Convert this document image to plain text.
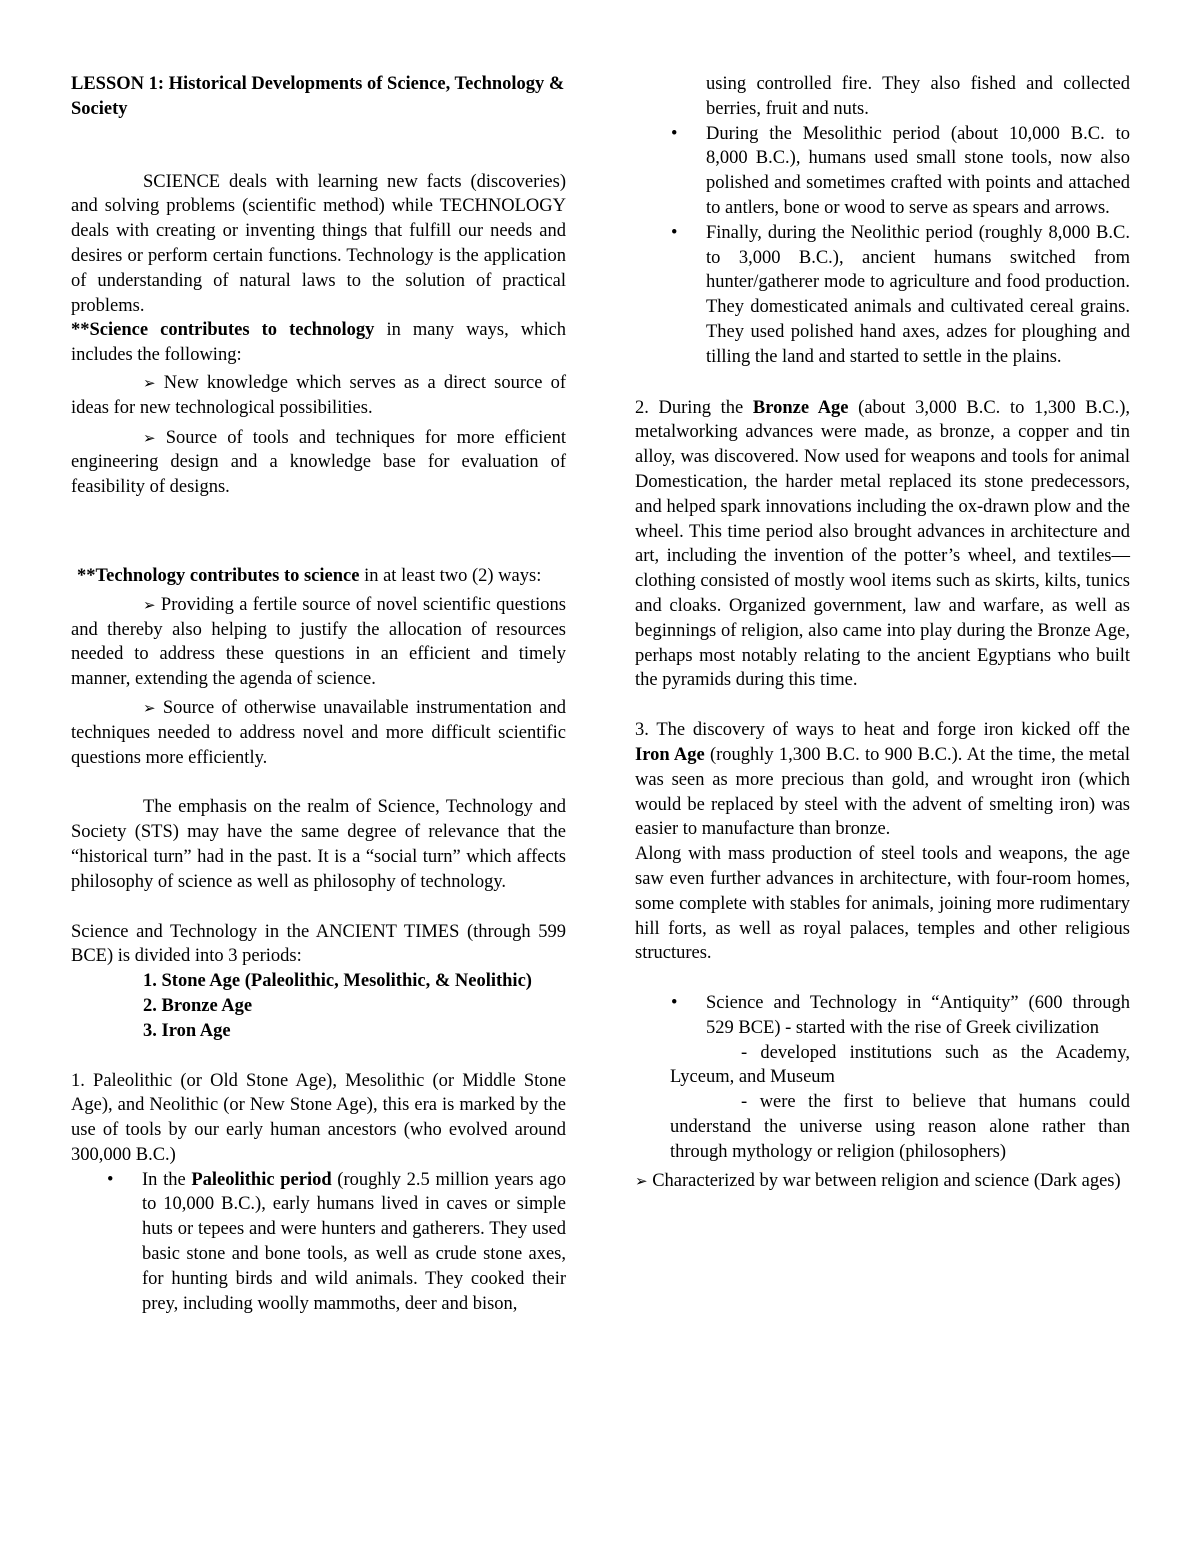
LESSON 1: Historical Developments of Science, Technology & Society

SCIENCE deals with learning new facts (discoveries) and solving problems (scientific method) while TECHNOLOGY deals with creating or inventing things that fulfill our needs and desires or perform certain functions. Technology is the application of understanding of natural laws to the solution of practical problems.

**Science contributes to technology in many ways, which includes the following:

➢ New knowledge which serves as a direct source of ideas for new technological possibilities.

➢ Source of tools and techniques for more efficient engineering design and a knowledge base for evaluation of feasibility of designs.

**Technology contributes to science in at least two (2) ways:

➢ Providing a fertile source of novel scientific questions and thereby also helping to justify the allocation of resources needed to address these questions in an efficient and timely manner, extending the agenda of science.

➢ Source of otherwise unavailable instrumentation and techniques needed to address novel and more difficult scientific questions more efficiently.

The emphasis on the realm of Science, Technology and Society (STS) may have the same degree of relevance that the “historical turn” had in the past. It is a “social turn” which affects philosophy of science as well as philosophy of technology.

Science and Technology in the ANCIENT TIMES (through 599 BCE) is divided into 3 periods:

1. Stone Age (Paleolithic, Mesolithic, & Neolithic)

2. Bronze Age

3. Iron Age

1. Paleolithic (or Old Stone Age), Mesolithic (or Middle Stone Age), and Neolithic (or New Stone Age), this era is marked by the use of tools by our early human ancestors (who evolved around 300,000 B.C.)

• In the Paleolithic period (roughly 2.5 million years ago to 10,000 B.C.), early humans lived in caves or simple huts or tepees and were hunters and gatherers. They used basic stone and bone tools, as well as crude stone axes, for hunting birds and wild animals. They cooked their prey, including woolly mammoths, deer and bison,
using controlled fire. They also fished and collected berries, fruit and nuts.
• During the Mesolithic period (about 10,000 B.C. to 8,000 B.C.), humans used small stone tools, now also polished and sometimes crafted with points and attached to antlers, bone or wood to serve as spears and arrows.
• Finally, during the Neolithic period (roughly 8,000 B.C. to 3,000 B.C.), ancient humans switched from hunter/gatherer mode to agriculture and food production. They domesticated animals and cultivated cereal grains. They used polished hand axes, adzes for ploughing and tilling the land and started to settle in the plains.

2. During the Bronze Age (about 3,000 B.C. to 1,300 B.C.), metalworking advances were made, as bronze, a copper and tin alloy, was discovered. Now used for weapons and tools for animal Domestication, the harder metal replaced its stone predecessors, and helped spark innovations including the ox-drawn plow and the wheel. This time period also brought advances in architecture and art, including the invention of the potter’s wheel, and textiles—clothing consisted of mostly wool items such as skirts, kilts, tunics and cloaks. Organized government, law and warfare, as well as beginnings of religion, also came into play during the Bronze Age, perhaps most notably relating to the ancient Egyptians who built the pyramids during this time.

3. The discovery of ways to heat and forge iron kicked off the Iron Age (roughly 1,300 B.C. to 900 B.C.). At the time, the metal was seen as more precious than gold, and wrought iron (which would be replaced by steel with the advent of smelting iron) was easier to manufacture than bronze.

Along with mass production of steel tools and weapons, the age saw even further advances in architecture, with four-room homes, some complete with stables for animals, joining more rudimentary hill forts, as well as royal palaces, temples and other religious structures.

• Science and Technology in “Antiquity” (600 through 529 BCE) - started with the rise of Greek civilization

- developed institutions such as the Academy, Lyceum, and Museum

- were the first to believe that humans could understand the universe using reason alone rather than through mythology or religion (philosophers)

➢ Characterized by war between religion and science (Dark ages)
